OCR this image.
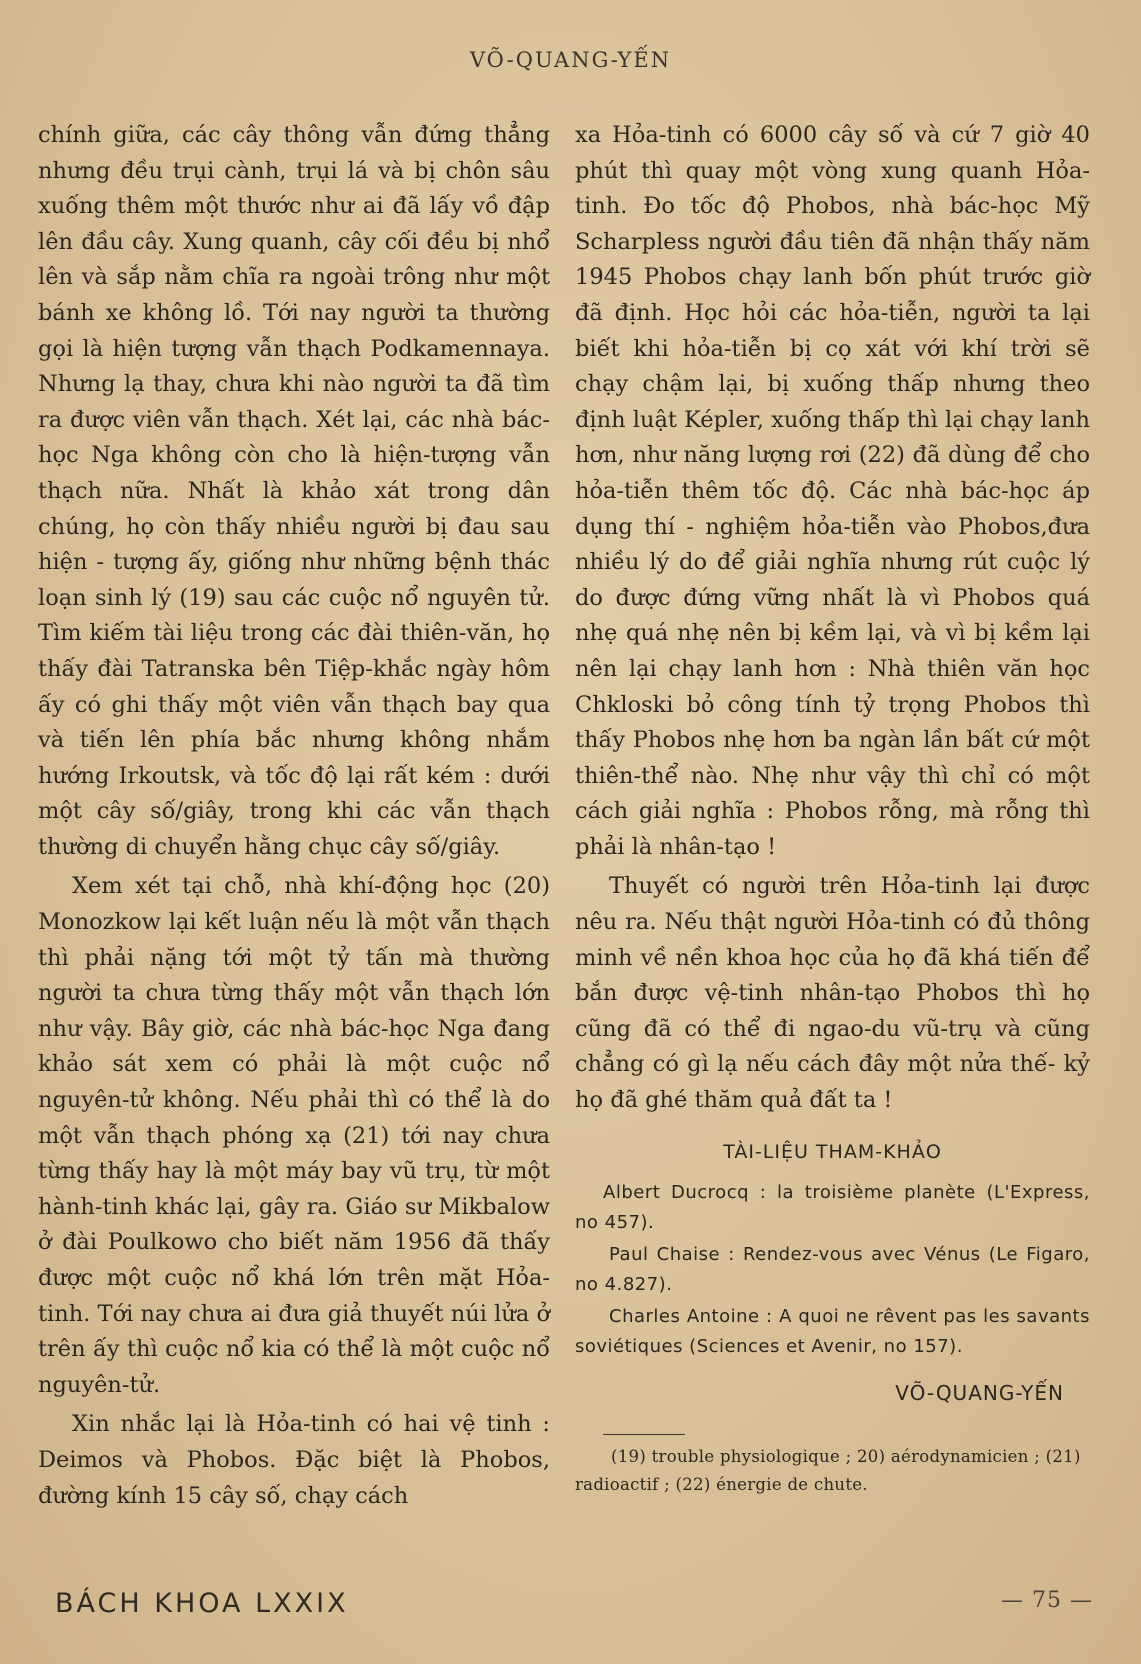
VÕ-QUANG-YẾN

chính giữa, các cây thông vẫn đứng thẳng nhưng đều trụi cành, trụi lá và bị chôn sâu xuống thêm một thước như ai đã lấy vồ đập lên đầu cây. Xung quanh, cây cối đều bị nhổ lên và sắp nằm chĩa ra ngoài trông như một bánh xe không lồ. Tới nay người ta thường gọi là hiện tượng vẫn thạch Podkamennaya. Nhưng lạ thay, chưa khi nào người ta đã tìm ra được viên vẫn thạch. Xét lại, các nhà bác-học Nga không còn cho là hiện-tượng vẫn thạch nữa. Nhất là khảo xát trong dân chúng, họ còn thấy nhiều người bị đau sau hiện - tượng ấy, giống như những bệnh thác loạn sinh lý (19) sau các cuộc nổ nguyên tử. Tìm kiếm tài liệu trong các đài thiên-văn, họ thấy đài Tatranska bên Tiệp-khắc ngày hôm ấy có ghi thấy một viên vẫn thạch bay qua và tiến lên phía bắc nhưng không nhắm hướng Irkoutsk, và tốc độ lại rất kém : dưới một cây số/giây, trong khi các vẫn thạch thường di chuyển hằng chục cây số/giây.

Xem xét tại chỗ, nhà khí-động học (20) Monozkow lại kết luận nếu là một vẫn thạch thì phải nặng tới một tỷ tấn mà thường người ta chưa từng thấy một vẫn thạch lớn như vậy. Bây giờ, các nhà bác-học Nga đang khảo sát xem có phải là một cuộc nổ nguyên-tử không. Nếu phải thì có thể là do một vẫn thạch phóng xạ (21) tới nay chưa từng thấy hay là một máy bay vũ trụ, từ một hành-tinh khác lại, gây ra. Giáo sư Mikbalow ở đài Poulkowo cho biết năm 1956 đã thấy được một cuộc nổ khá lớn trên mặt Hỏa-tinh. Tới nay chưa ai đưa giả thuyết núi lửa ở trên ấy thì cuộc nổ kia có thể là một cuộc nổ nguyên-tử.

Xin nhắc lại là Hỏa-tinh có hai vệ tinh : Deimos và Phobos. Đặc biệt là Phobos, đường kính 15 cây số, chạy cách

xa Hỏa-tinh có 6000 cây số và cứ 7 giờ 40 phút thì quay một vòng xung quanh Hỏa-tinh. Đo tốc độ Phobos, nhà bác-học Mỹ Scharpless người đầu tiên đã nhận thấy năm 1945 Phobos chạy lanh bốn phút trước giờ đã định. Học hỏi các hỏa-tiễn, người ta lại biết khi hỏa-tiễn bị cọ xát với khí trời sẽ chạy chậm lại, bị xuống thấp nhưng theo định luật Képler, xuống thấp thì lại chạy lanh hơn, như năng lượng rơi (22) đã dùng để cho hỏa-tiễn thêm tốc độ. Các nhà bác-học áp dụng thí - nghiệm hỏa-tiễn vào Phobos,đưa nhiều lý do để giải nghĩa nhưng rút cuộc lý do được đứng vững nhất là vì Phobos quá nhẹ quá nhẹ nên bị kềm lại, và vì bị kềm lại nên lại chạy lanh hơn : Nhà thiên văn học Chkloski bỏ công tính tỷ trọng Phobos thì thấy Phobos nhẹ hơn ba ngàn lần bất cứ một thiên-thể nào. Nhẹ như vậy thì chỉ có một cách giải nghĩa : Phobos rỗng, mà rỗng thì phải là nhân-tạo !

Thuyết có người trên Hỏa-tinh lại được nêu ra. Nếu thật người Hỏa-tinh có đủ thông minh về nền khoa học của họ đã khá tiến để bắn được vệ-tinh nhân-tạo Phobos thì họ cũng đã có thể đi ngao-du vũ-trụ và cũng chẳng có gì lạ nếu cách đây một nửa thế- kỷ họ đã ghé thăm quả đất ta !

TÀI-LIỆU THAM-KHẢO

Albert Ducrocq : la troisième planète (L'Express, no 457).

Paul Chaise : Rendez-vous avec Vénus (Le Figaro, no 4.827).

Charles Antoine : A quoi ne rêvent pas les savants soviétiques (Sciences et Avenir, no 157).

VÕ-QUANG-YẾN

(19) trouble physiologique ; 20) aérodynamicien ; (21) radioactif ; (22) énergie de chute.

BÁCH KHOA LXXIX	— 75 —
